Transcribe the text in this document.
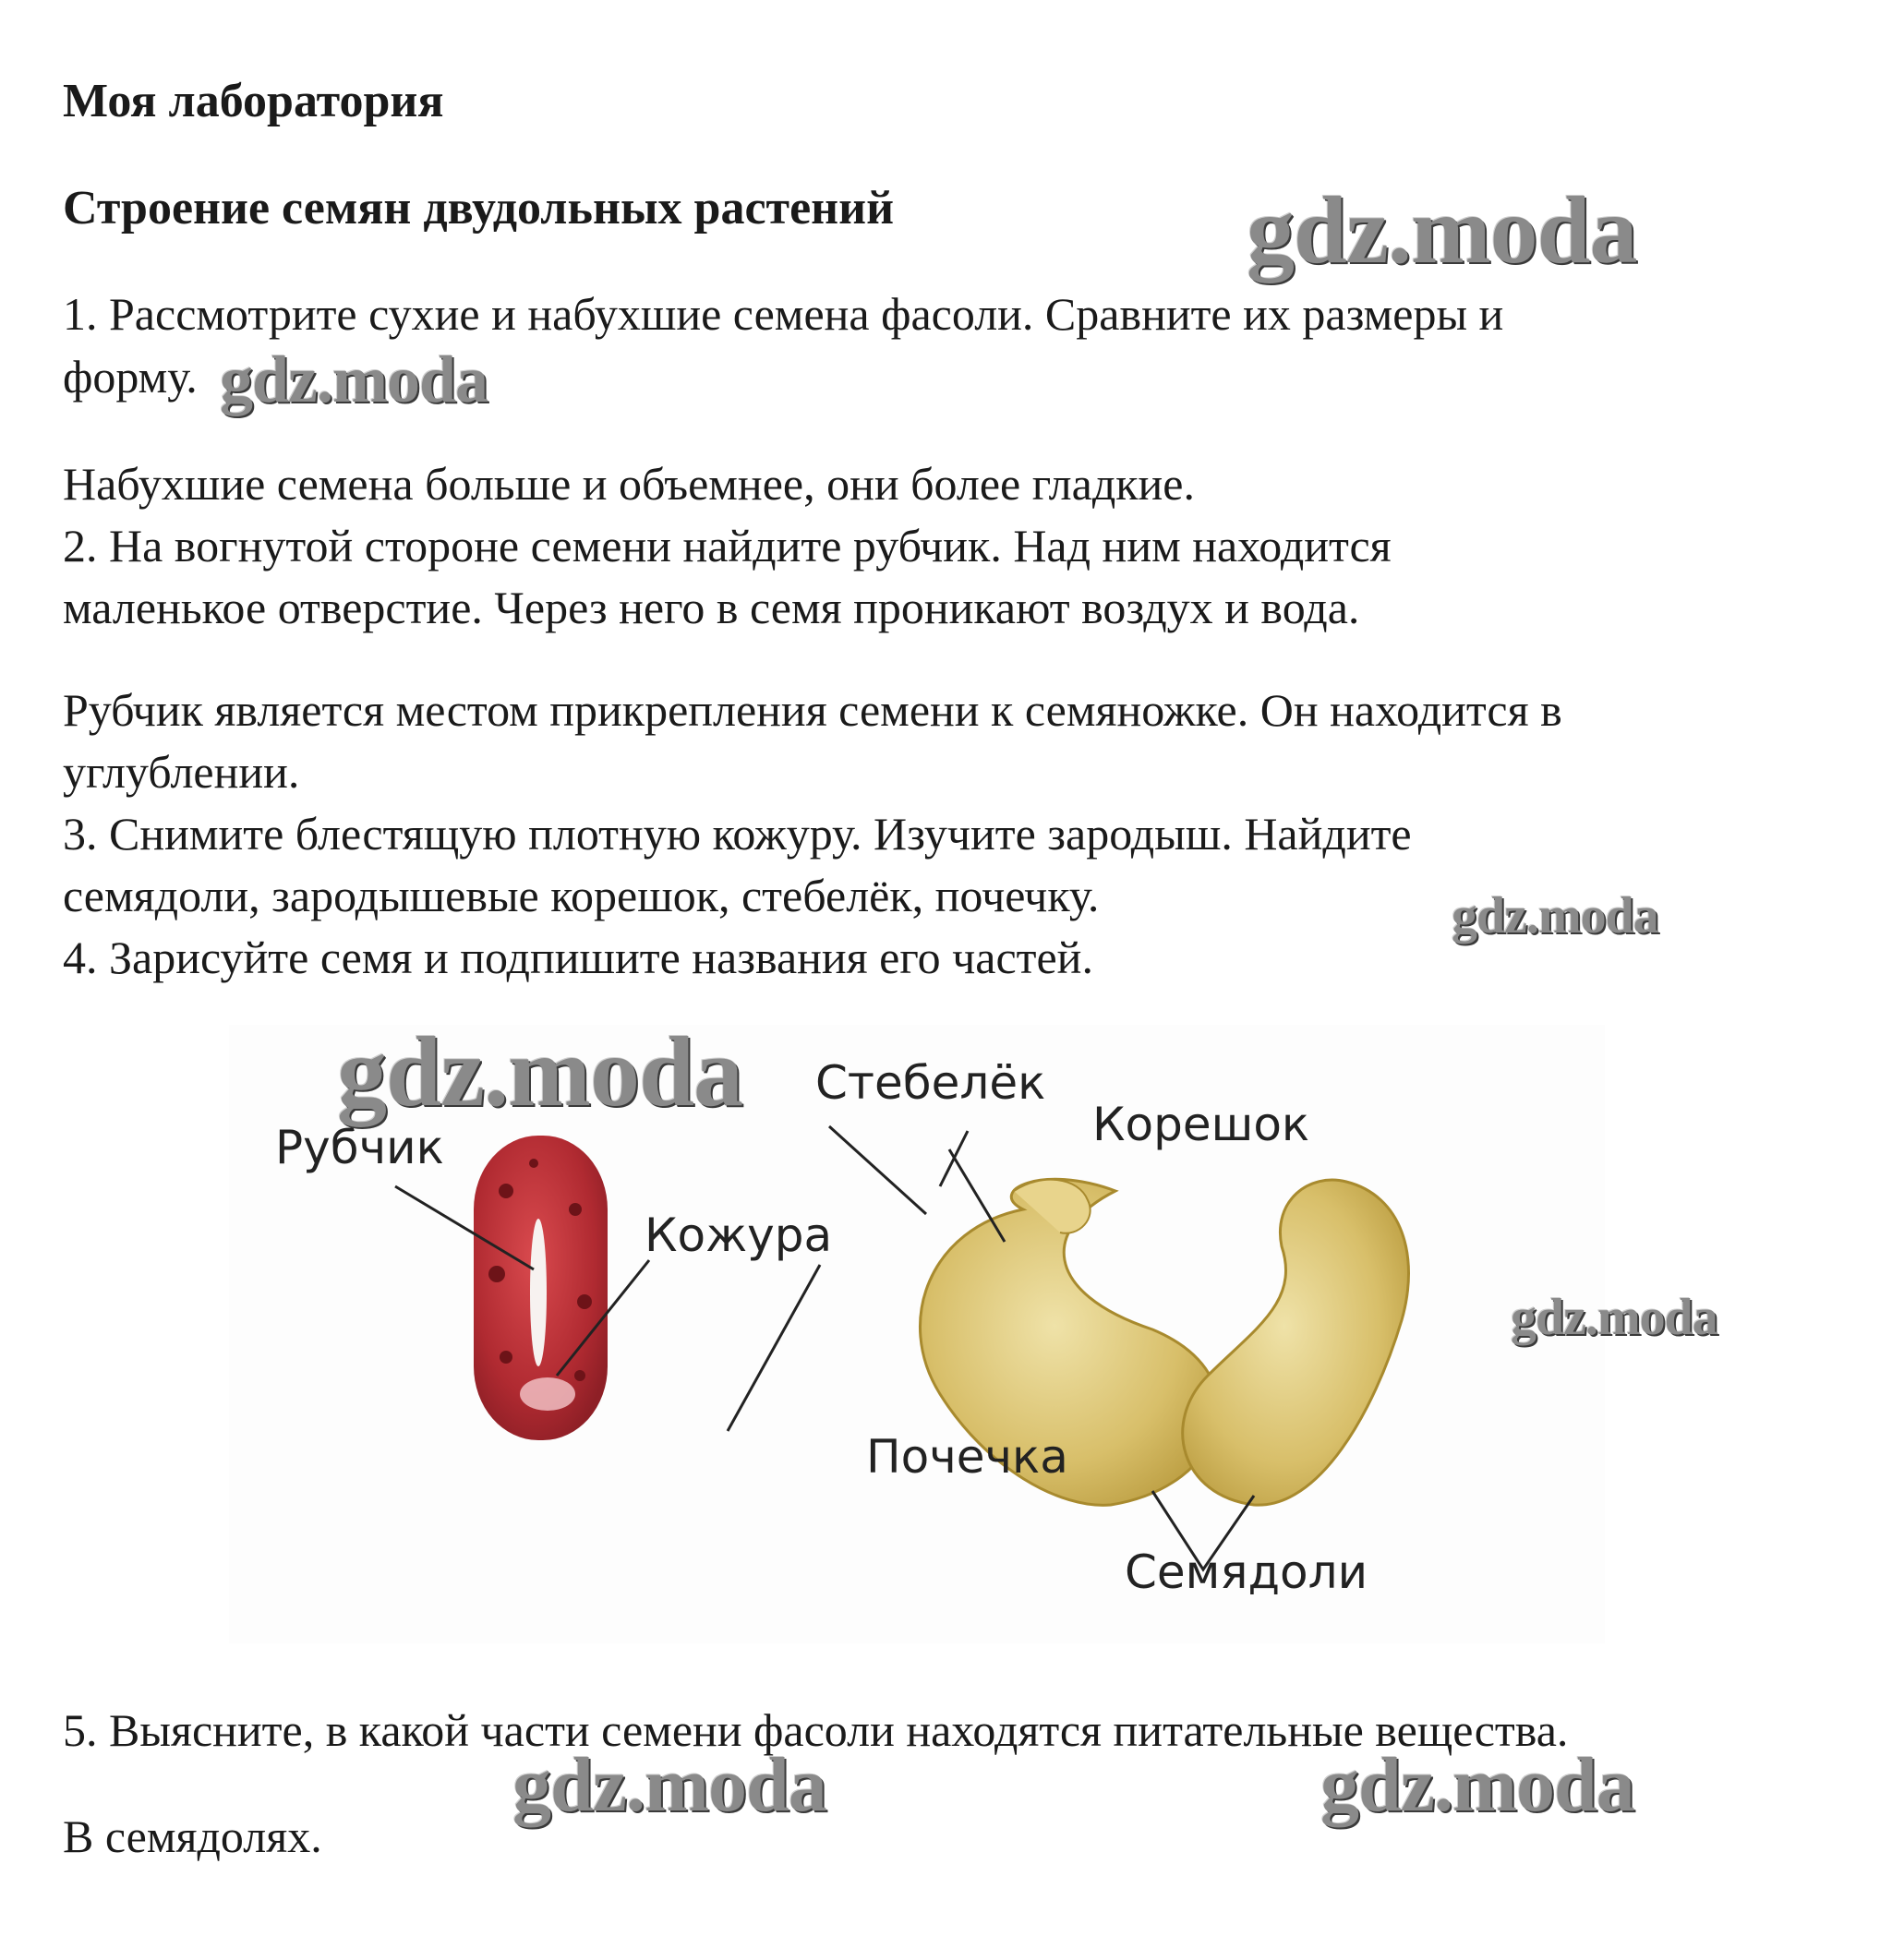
Моя лаборатория
Строение семян двудольных растений
1. Рассмотрите сухие и набухшие семена фасоли. Сравните их размеры и
форму.
Набухшие семена больше и объемнее, они более гладкие.
2. На вогнутой стороне семени найдите рубчик. Над ним находится
маленькое отверстие. Через него в семя проникают воздух и вода.
Рубчик является местом прикрепления семени к семяножке. Он находится в
углублении.
3. Снимите блестящую плотную кожуру. Изучите зародыш. Найдите
семядоли, зародышевые корешок, стебелёк, почечку.
4. Зарисуйте семя и подпишите названия его частей.
Рубчик
Кожура
Стебелёк
Корешок
Почечка
Семядоли
5. Выясните, в какой части семени фасоли находятся питательные вещества.
В семядолях.
gdz.moda
gdz.moda
gdz.moda
gdz.moda
gdz.moda
gdz.moda	gdz.moda
